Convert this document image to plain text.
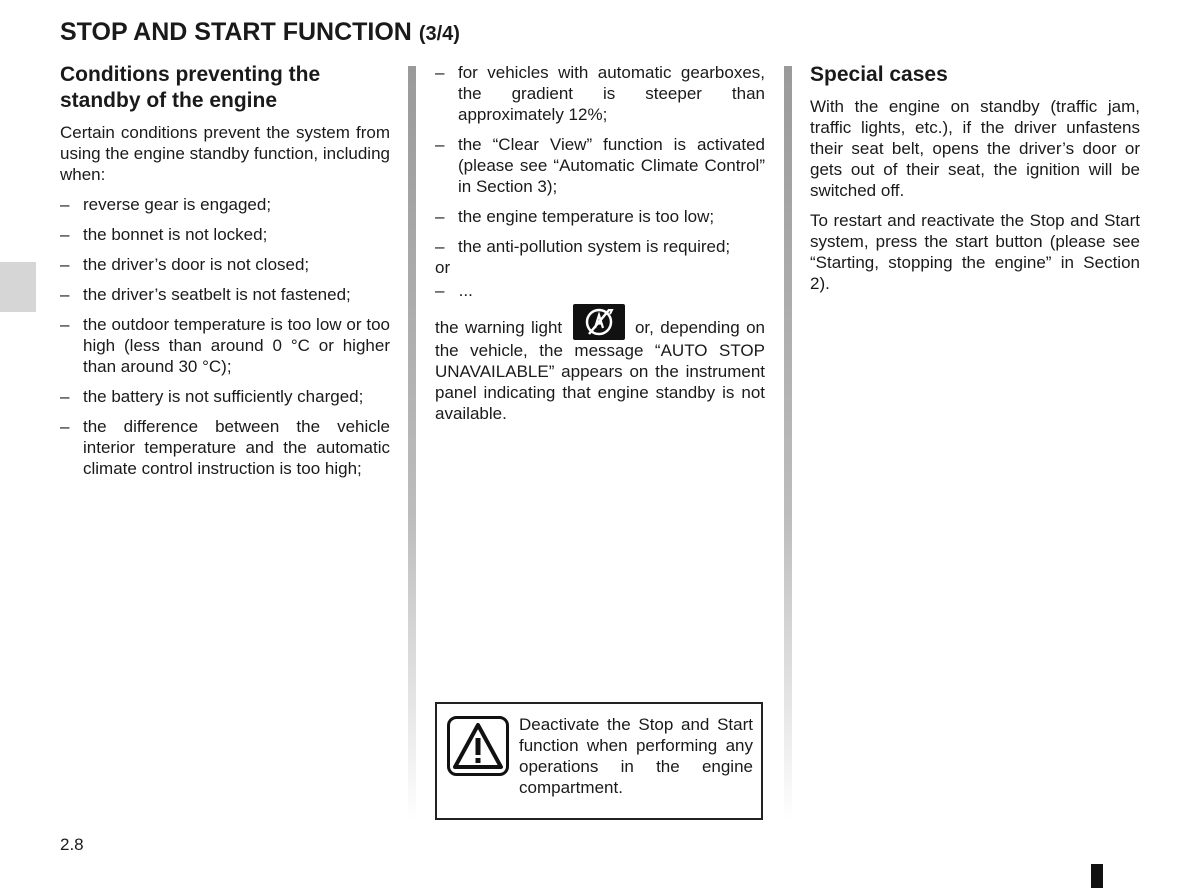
STOP AND START FUNCTION (3/4)
Conditions preventing the standby of the engine

Certain conditions prevent the system from using the engine standby function, including when:

– reverse gear is engaged;
– the bonnet is not locked;
– the driver’s door is not closed;
– the driver’s seatbelt is not fastened;
– the outdoor temperature is too low or too high (less than around 0 °C or higher than around 30 °C);
– the battery is not sufficiently charged;
– the difference between the vehicle interior temperature and the automatic climate control instruction is too high;
– for vehicles with automatic gearboxes, the gradient is steeper than approximately 12%;
– the “Clear View” function is activated (please see “Automatic Climate Control” in Section 3);
– the engine temperature is too low;
– the anti-pollution system is required;
or
– ...

the warning light	or, depending on the vehicle, the message “AUTO STOP UNAVAILABLE” appears on the instrument panel indicating that engine standby is not available.

Deactivate the Stop and Start function when performing any operations in the engine compartment.
Special cases

With the engine on standby (traffic jam, traffic lights, etc.), if the driver unfastens their seat belt, opens the driver’s door or gets out of their seat, the ignition will be switched off.

To restart and reactivate the Stop and Start system, press the start button (please see “Starting, stopping the engine” in Section 2).

2.8
